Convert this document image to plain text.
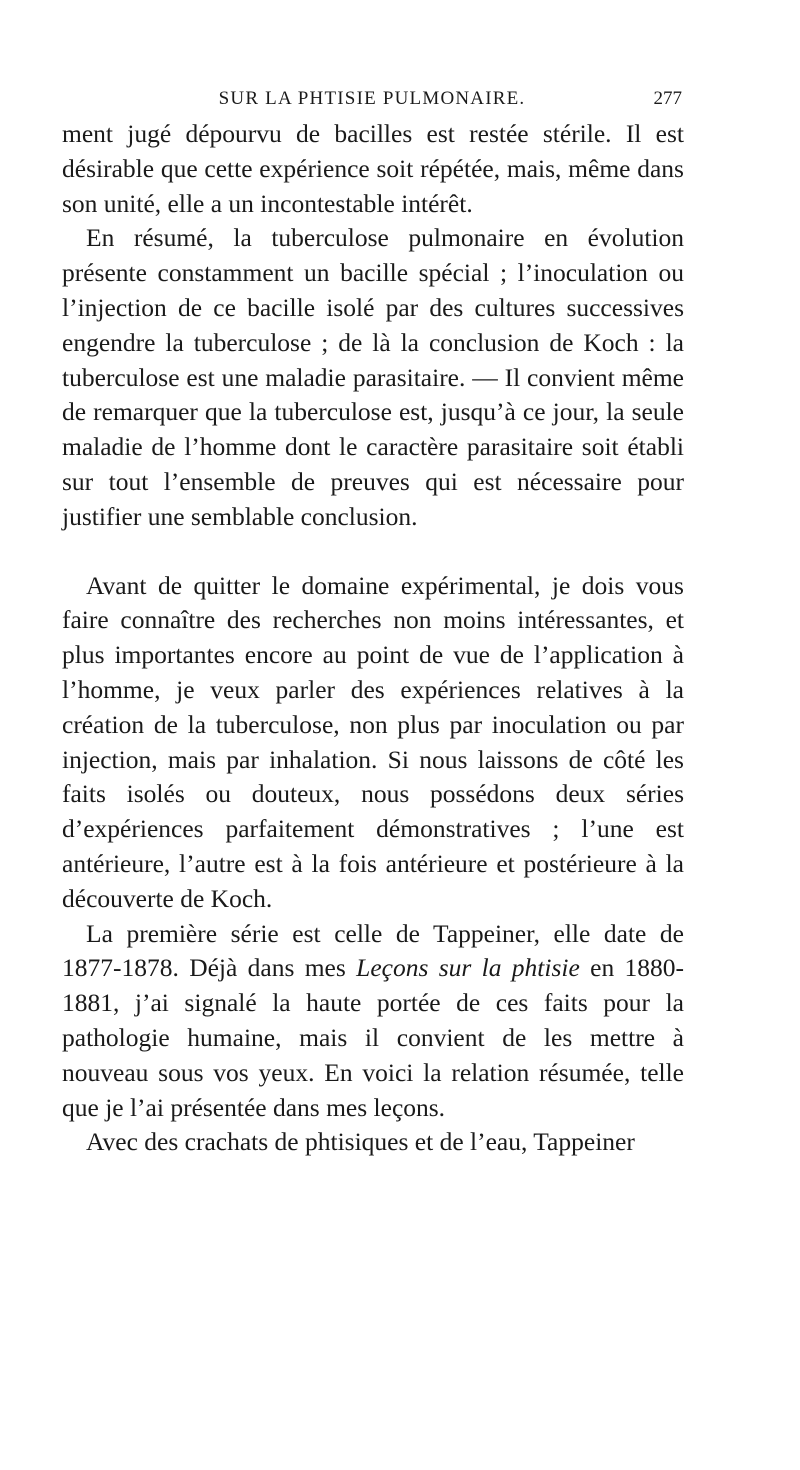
SUR LA PHTISIE PULMONAIRE.	277

ment jugé dépourvu de bacilles est restée stérile. Il est désirable que cette expérience soit répétée, mais, même dans son unité, elle a un incontestable intérêt.

En résumé, la tuberculose pulmonaire en évolution présente constamment un bacille spécial ; l’inoculation ou l’injection de ce bacille isolé par des cultures successives engendre la tuberculose ; de là la conclusion de Koch : la tuberculose est une maladie parasitaire. — Il convient même de remarquer que la tuberculose est, jusqu’à ce jour, la seule maladie de l’homme dont le caractère parasitaire soit établi sur tout l’ensemble de preuves qui est nécessaire pour justifier une semblable conclusion.

Avant de quitter le domaine expérimental, je dois vous faire connaître des recherches non moins intéressantes, et plus importantes encore au point de vue de l’application à l’homme, je veux parler des expériences relatives à la création de la tuberculose, non plus par inoculation ou par injection, mais par inhalation. Si nous laissons de côté les faits isolés ou douteux, nous possédons deux séries d’expériences parfaitement démonstratives ; l’une est antérieure, l’autre est à la fois antérieure et postérieure à la découverte de Koch.

La première série est celle de Tappeiner, elle date de 1877-1878. Déjà dans mes Leçons sur la phtisie en 1880-1881, j’ai signalé la haute portée de ces faits pour la pathologie humaine, mais il convient de les mettre à nouveau sous vos yeux. En voici la relation résumée, telle que je l’ai présentée dans mes leçons.

Avec des crachats de phtisiques et de l’eau, Tappeiner
